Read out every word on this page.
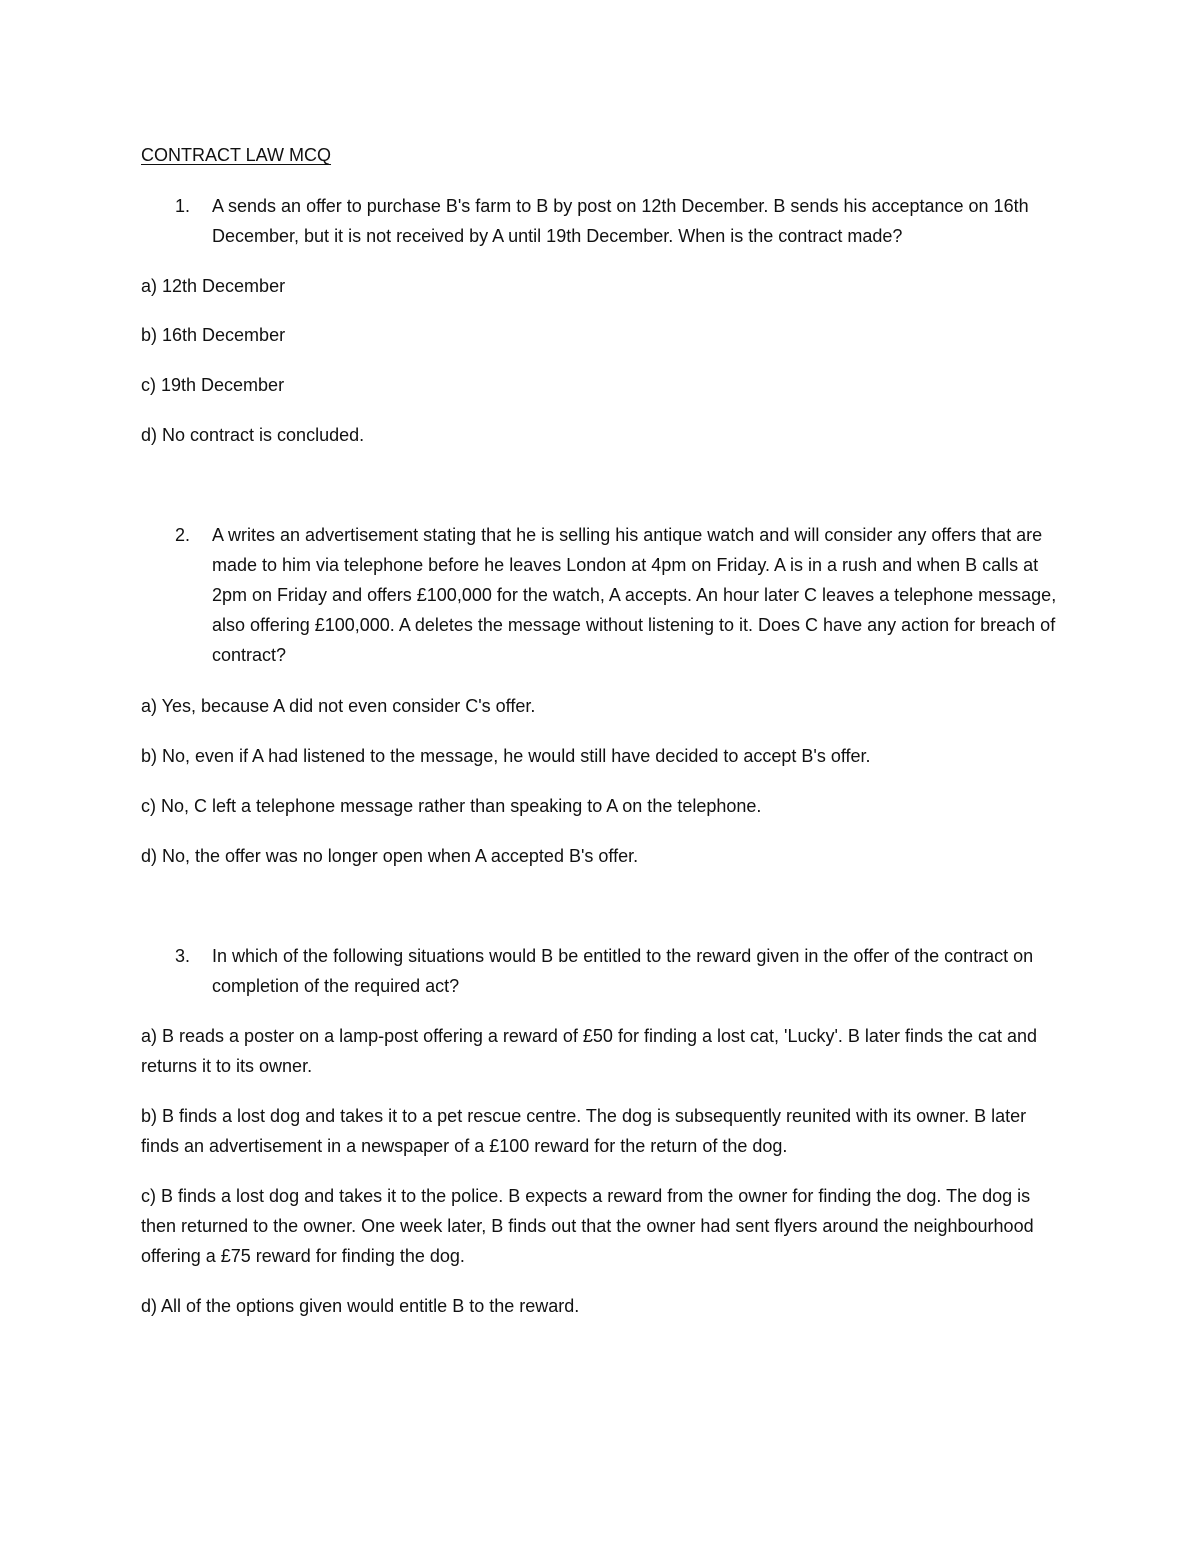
CONTRACT LAW MCQ
1.	A sends an offer to purchase B's farm to B by post on 12th December. B sends his acceptance on 16th December, but it is not received by A until 19th December. When is the contract made?
a) 12th December
b) 16th December
c) 19th December
d) No contract is concluded.
2.	A writes an advertisement stating that he is selling his antique watch and will consider any offers that are made to him via telephone before he leaves London at 4pm on Friday. A is in a rush and when B calls at 2pm on Friday and offers £100,000 for the watch, A accepts. An hour later C leaves a telephone message, also offering £100,000. A deletes the message without listening to it. Does C have any action for breach of contract?
a) Yes, because A did not even consider C's offer.
b) No, even if A had listened to the message, he would still have decided to accept B's offer.
c) No, C left a telephone message rather than speaking to A on the telephone.
d) No, the offer was no longer open when A accepted B's offer.
3.	In which of the following situations would B be entitled to the reward given in the offer of the contract on completion of the required act?
a) B reads a poster on a lamp-post offering a reward of £50 for finding a lost cat, 'Lucky'. B later finds the cat and returns it to its owner.
b) B finds a lost dog and takes it to a pet rescue centre. The dog is subsequently reunited with its owner. B later finds an advertisement in a newspaper of a £100 reward for the return of the dog.
c) B finds a lost dog and takes it to the police. B expects a reward from the owner for finding the dog. The dog is then returned to the owner. One week later, B finds out that the owner had sent flyers around the neighbourhood offering a £75 reward for finding the dog.
d) All of the options given would entitle B to the reward.
